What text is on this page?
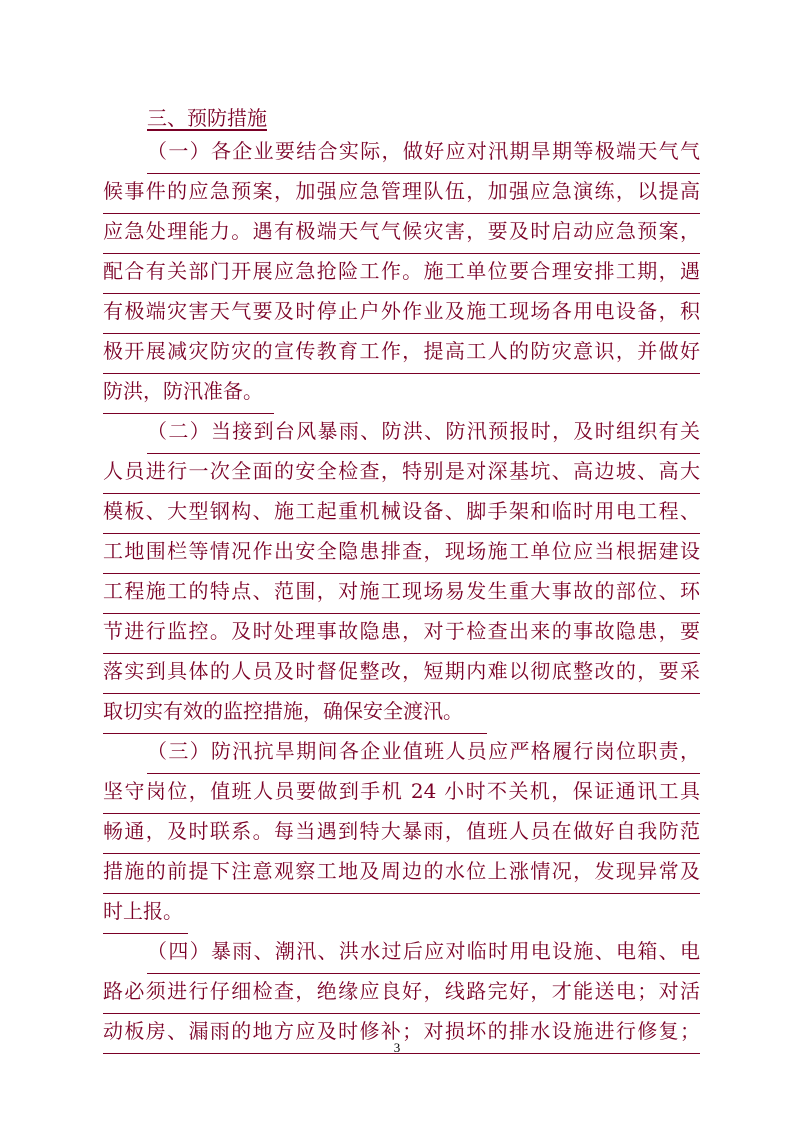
三、预防措施
（一）各企业要结合实际，做好应对汛期旱期等极端天气气
候事件的应急预案，加强应急管理队伍，加强应急演练，以提高
应急处理能力。遇有极端天气气候灾害，要及时启动应急预案，
配合有关部门开展应急抢险工作。施工单位要合理安排工期，遇
有极端灾害天气要及时停止户外作业及施工现场各用电设备，积
极开展减灾防灾的宣传教育工作，提高工人的防灾意识，并做好
防洪，防汛准备。
（二）当接到台风暴雨、防洪、防汛预报时，及时组织有关
人员进行一次全面的安全检查，特别是对深基坑、高边坡、高大
模板、大型钢构、施工起重机械设备、脚手架和临时用电工程、
工地围栏等情况作出安全隐患排查，现场施工单位应当根据建设
工程施工的特点、范围，对施工现场易发生重大事故的部位、环
节进行监控。及时处理事故隐患，对于检查出来的事故隐患，要
落实到具体的人员及时督促整改，短期内难以彻底整改的，要采
取切实有效的监控措施，确保安全渡汛。
（三）防汛抗旱期间各企业值班人员应严格履行岗位职责，
坚守岗位，值班人员要做到手机 24 小时不关机，保证通讯工具
畅通，及时联系。每当遇到特大暴雨，值班人员在做好自我防范
措施的前提下注意观察工地及周边的水位上涨情况，发现异常及
时上报。
（四）暴雨、潮汛、洪水过后应对临时用电设施、电箱、电
路必须进行仔细检查，绝缘应良好，线路完好，才能送电；对活
动板房、漏雨的地方应及时修补；对损坏的排水设施进行修复；
3
